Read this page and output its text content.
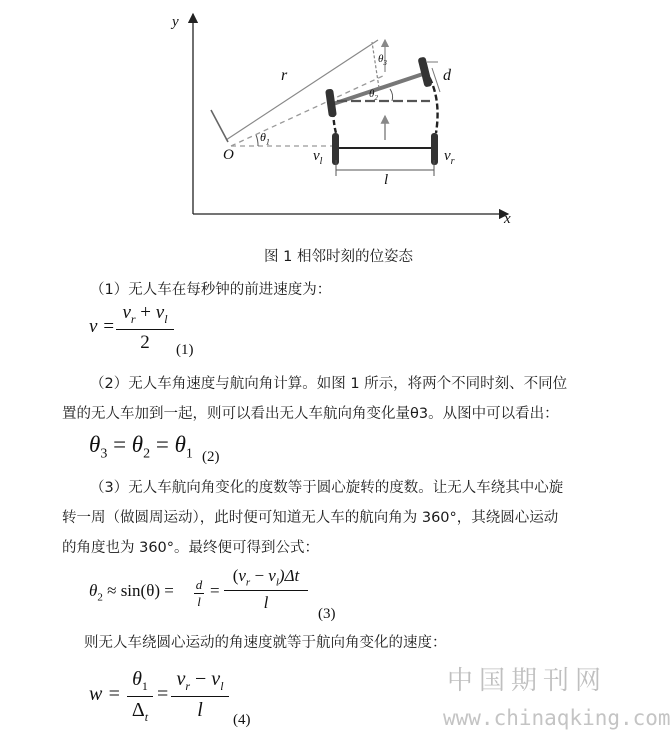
y
x
O
r	d
l
$v_l$	$v_r$
$\theta_1$
$\theta_2$
$\theta_3$
图 1 相邻时刻的位姿态
（1）无人车在每秒钟的前进速度为：
v =
$v_r + v_l$
2	(1)
（2）无人车角速度与航向角计算。如图 1 所示，将两个不同时刻、不同位
置的无人车加到一起，则可以看出无人车航向角变化量θ3。从图中可以看出：
$\theta_3 = \theta_2 = \theta_1$ (2)
（3）无人车航向角变化的度数等于圆心旋转的度数。让无人车绕其中心旋
转一周（做圆周运动），此时便可知道无人车的航向角为 360°，其绕圆心运动
的角度也为 360°。最终便可得到公式：
$\theta_2 \approx \sin(\theta) = d$
l
=
$(v_r - v_l)\Delta t$
l
(3)
则无人车绕圆心运动的角速度就等于航向角变化的速度：
w =
$\theta_1$
$\Delta_t$
=
$v_r - v_l$
l	(4)
中国期刊网
www.chinaqking.com
